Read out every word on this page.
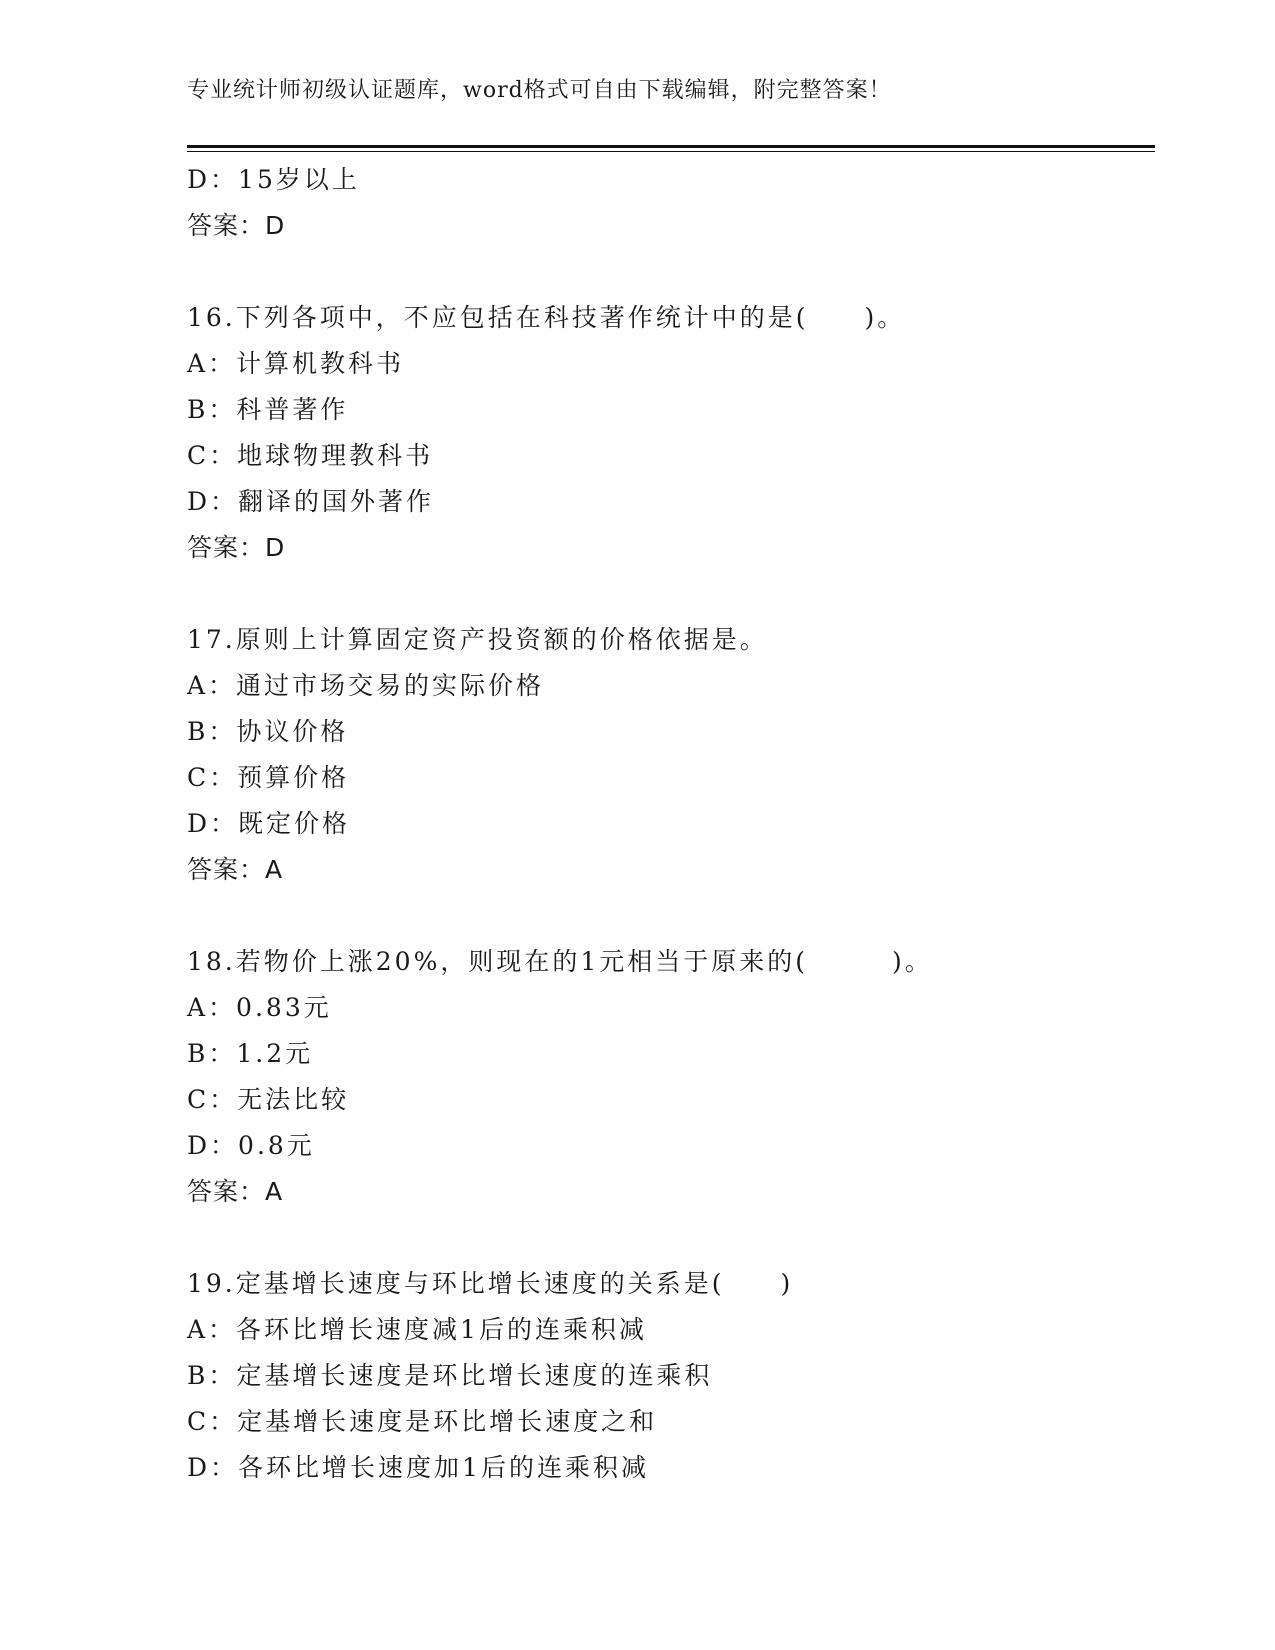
专业统计师初级认证题库，word格式可自由下载编辑，附完整答案！
D：15岁以上
答案：D
16.下列各项中，不应包括在科技著作统计中的是(　　)。
A：计算机教科书
B：科普著作
C：地球物理教科书
D：翻译的国外著作
答案：D
17.原则上计算固定资产投资额的价格依据是。
A：通过市场交易的实际价格
B：协议价格
C：预算价格
D：既定价格
答案：A
18.若物价上涨20%，则现在的1元相当于原来的(　　　)。
A：0.83元
B：1.2元
C：无法比较
D：0.8元
答案：A
19.定基增长速度与环比增长速度的关系是(　　)
A：各环比增长速度减1后的连乘积减
B：定基增长速度是环比增长速度的连乘积
C：定基增长速度是环比增长速度之和
D：各环比增长速度加1后的连乘积减
